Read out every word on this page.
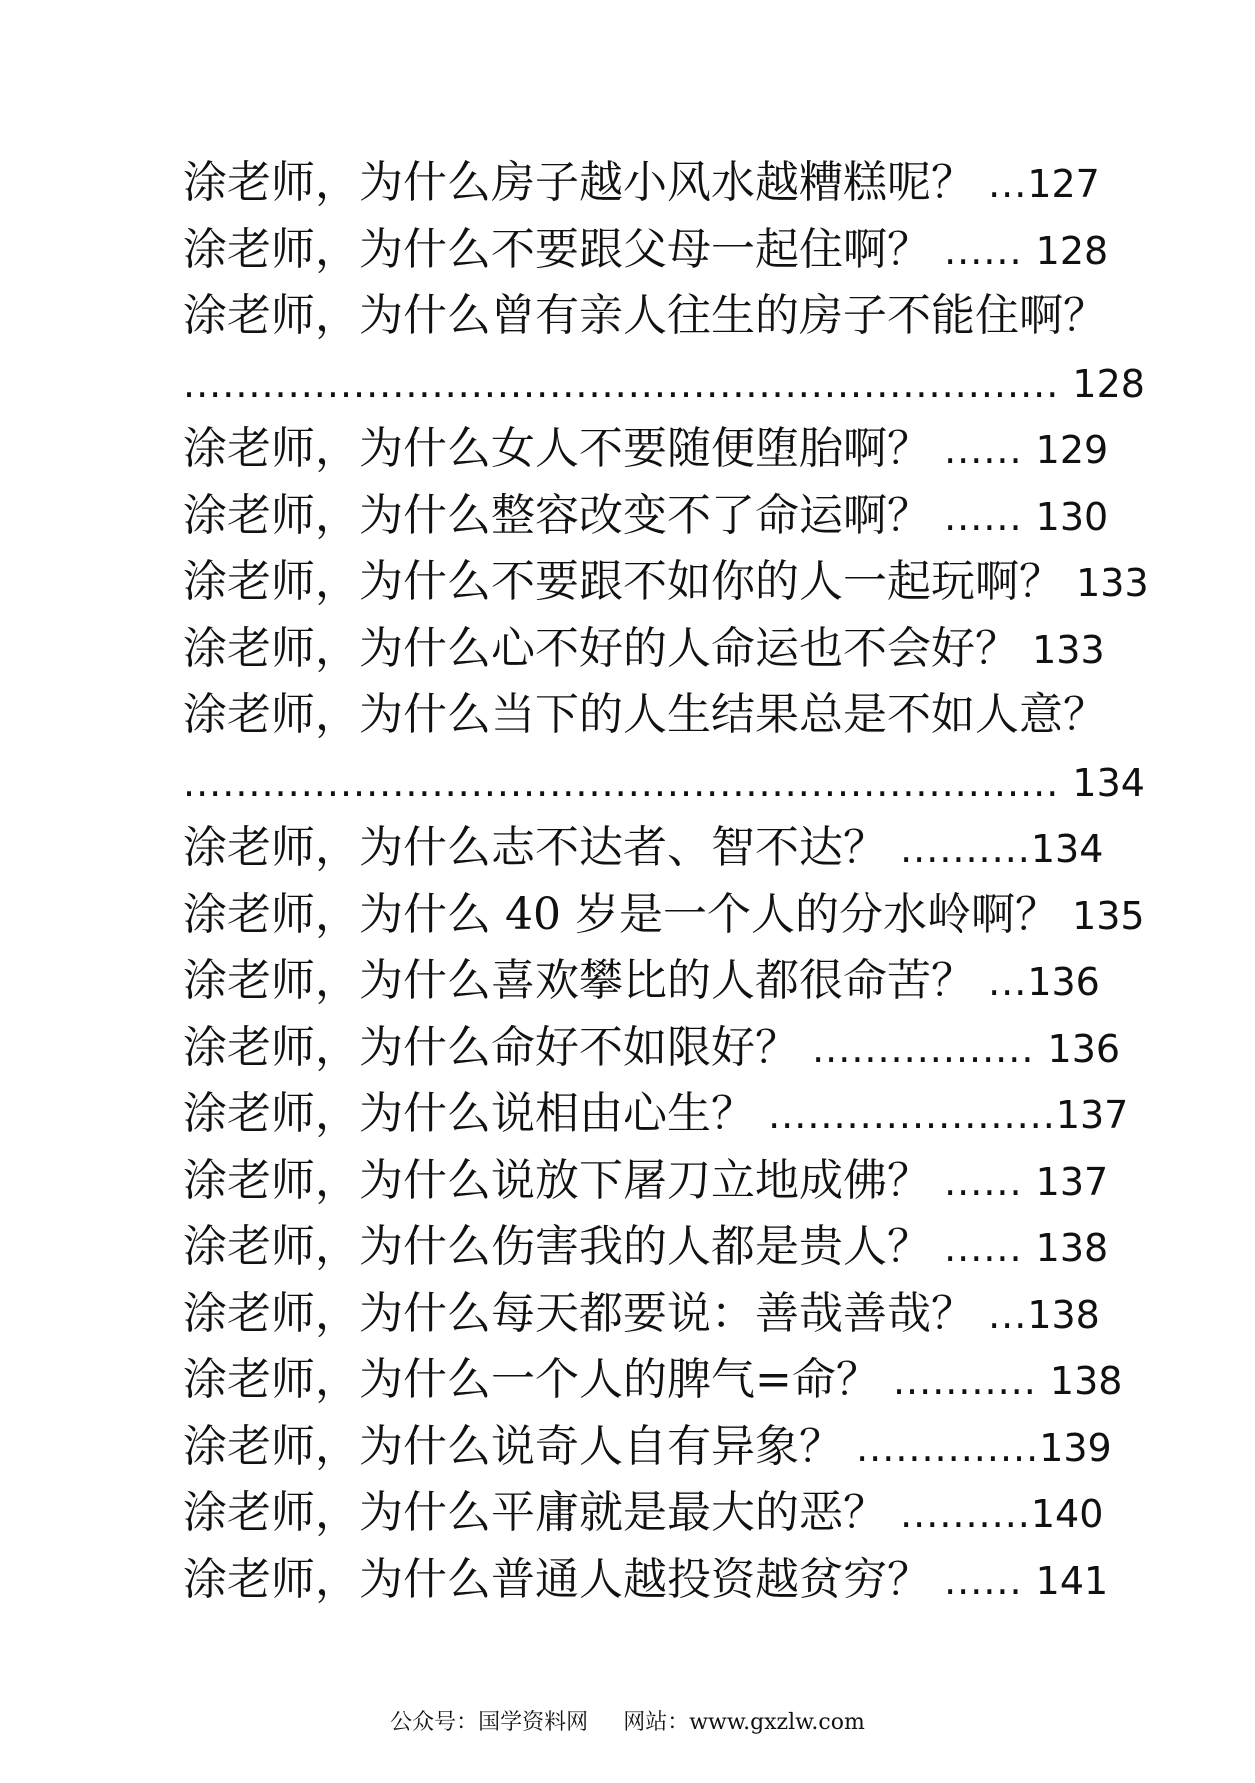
涂老师，为什么房子越小风水越糟糕呢？ ...127
涂老师，为什么不要跟父母一起住啊？ ...... 128
涂老师，为什么曾有亲人往生的房子不能住啊？
................................................................... 128
涂老师，为什么女人不要随便堕胎啊？ ...... 129
涂老师，为什么整容改变不了命运啊？ ...... 130
涂老师，为什么不要跟不如你的人一起玩啊？ 133
涂老师，为什么心不好的人命运也不会好？ 133
涂老师，为什么当下的人生结果总是不如人意？
................................................................... 134
涂老师，为什么志不达者、智不达？ ..........134
涂老师，为什么 40 岁是一个人的分水岭啊？ 135
涂老师，为什么喜欢攀比的人都很命苦？ ...136
涂老师，为什么命好不如限好？ ................. 136
涂老师，为什么说相由心生？ ......................137
涂老师，为什么说放下屠刀立地成佛？ ...... 137
涂老师，为什么伤害我的人都是贵人？ ...... 138
涂老师，为什么每天都要说：善哉善哉？ ...138
涂老师，为什么一个人的脾气=命？ ........... 138
涂老师，为什么说奇人自有异象？ ..............139
涂老师，为什么平庸就是最大的恶？ ..........140
涂老师，为什么普通人越投资越贫穷？ ...... 141
公众号：国学资料网 网站：www.gxzlw.com
